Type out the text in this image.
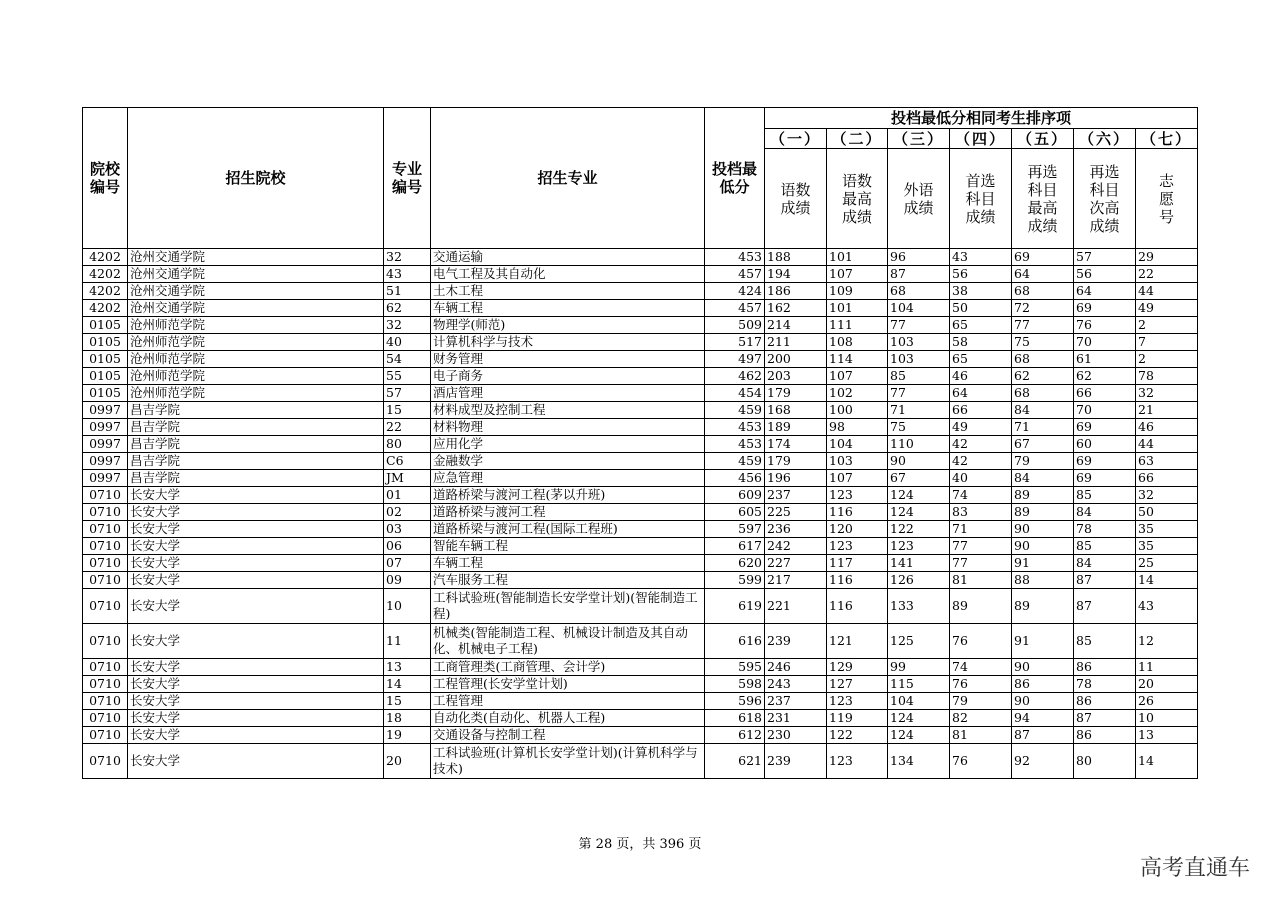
院校编号	招生院校	专业编号	招生专业	投档最低分	投档最低分相同考生排序项						
					（一）	（二）	（三）	（四）	（五）	（六）	（七）
					语数成绩	语数最高成绩	外语成绩	首选科目成绩	再选科目最高成绩	再选科目次高成绩	志愿号
4202	沧州交通学院	32	交通运输	453	188	101	96	43	69	57	29
4202	沧州交通学院	43	电气工程及其自动化	457	194	107	87	56	64	56	22
4202	沧州交通学院	51	土木工程	424	186	109	68	38	68	64	44
4202	沧州交通学院	62	车辆工程	457	162	101	104	50	72	69	49
0105	沧州师范学院	32	物理学(师范)	509	214	111	77	65	77	76	2
0105	沧州师范学院	40	计算机科学与技术	517	211	108	103	58	75	70	7
0105	沧州师范学院	54	财务管理	497	200	114	103	65	68	61	2
0105	沧州师范学院	55	电子商务	462	203	107	85	46	62	62	78
0105	沧州师范学院	57	酒店管理	454	179	102	77	64	68	66	32
0997	昌吉学院	15	材料成型及控制工程	459	168	100	71	66	84	70	21
0997	昌吉学院	22	材料物理	453	189	98	75	49	71	69	46
0997	昌吉学院	80	应用化学	453	174	104	110	42	67	60	44
0997	昌吉学院	C6	金融数学	459	179	103	90	42	79	69	63
0997	昌吉学院	JM	应急管理	456	196	107	67	40	84	69	66
0710	长安大学	01	道路桥梁与渡河工程(茅以升班)	609	237	123	124	74	89	85	32
0710	长安大学	02	道路桥梁与渡河工程	605	225	116	124	83	89	84	50
0710	长安大学	03	道路桥梁与渡河工程(国际工程班)	597	236	120	122	71	90	78	35
0710	长安大学	06	智能车辆工程	617	242	123	123	77	90	85	35
0710	长安大学	07	车辆工程	620	227	117	141	77	91	84	25
0710	长安大学	09	汽车服务工程	599	217	116	126	81	88	87	14
0710	长安大学	10	工科试验班(智能制造长安学堂计划)(智能制造工程)	619	221	116	133	89	89	87	43
0710	长安大学	11	机械类(智能制造工程、机械设计制造及其自动化、机械电子工程)	616	239	121	125	76	91	85	12
0710	长安大学	13	工商管理类(工商管理、会计学)	595	246	129	99	74	90	86	11
0710	长安大学	14	工程管理(长安学堂计划)	598	243	127	115	76	86	78	20
0710	长安大学	15	工程管理	596	237	123	104	79	90	86	26
0710	长安大学	18	自动化类(自动化、机器人工程)	618	231	119	124	82	94	87	10
0710	长安大学	19	交通设备与控制工程	612	230	122	124	81	87	86	13
0710	长安大学	20	工科试验班(计算机长安学堂计划)(计算机科学与技术)	621	239	123	134	76	92	80	14
第 28 页，共 396 页
高考直通车
